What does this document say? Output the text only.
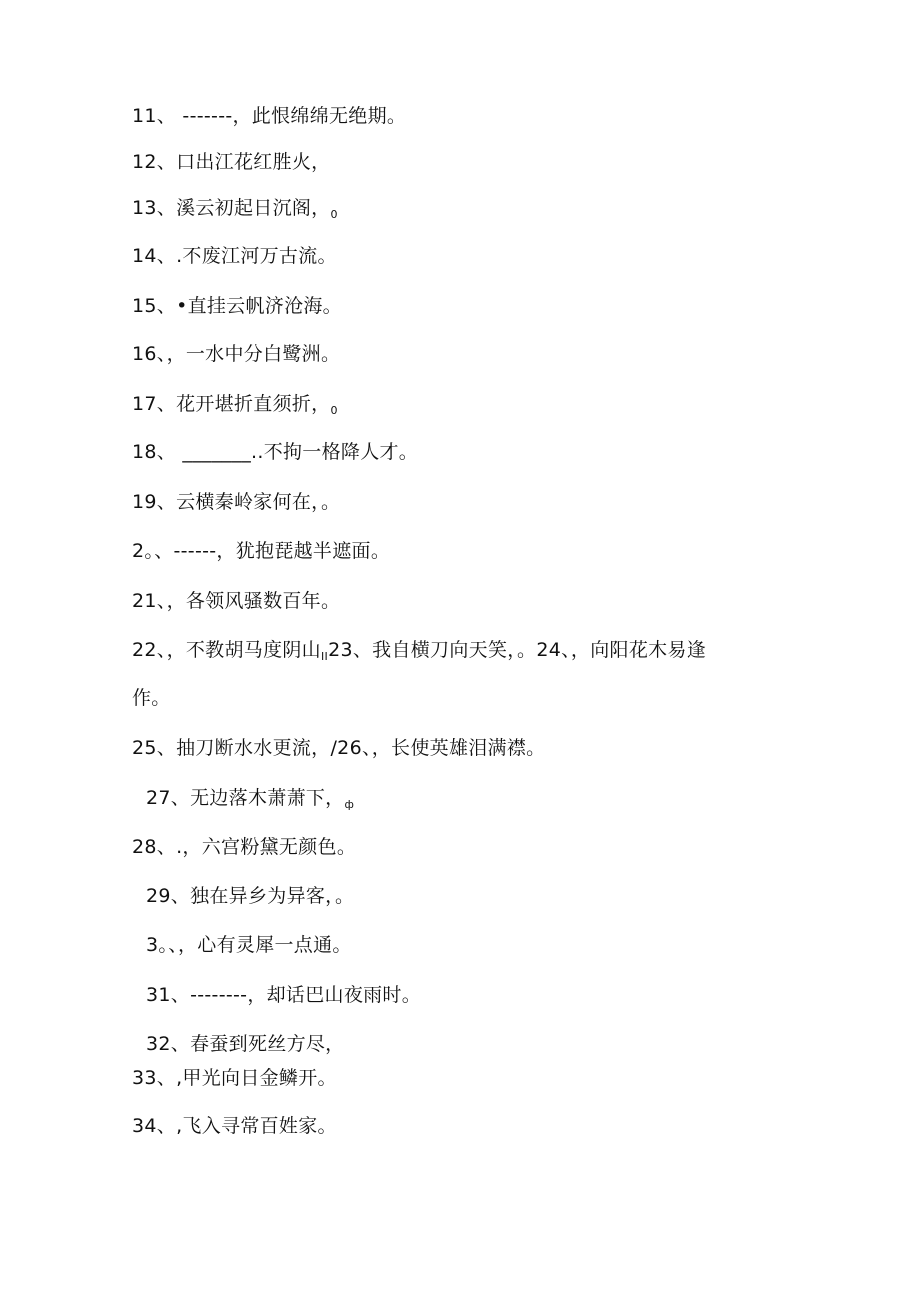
11、 -------，此恨绵绵无绝期。
12、口出江花红胜火，
13、溪云初起日沉阁，$_0$
14、.不废江河万古流。
15、•直挂云帆济沧海。
16、，一水中分白鹭洲。
17、花开堪折直须折，$_0$
18、 _______..不拘一格降人才。
19、云横秦岭家何在，。
2。、------，犹抱琵越半遮面。
21、，各领风骚数百年。
22、，不教胡马度阴山$_{II}$23、我自横刀向天笑，。24、，向阳花木易逢
作。
25、抽刀断水水更流，/26、，长使英雄泪满襟。
27、无边落木萧萧下，$_ф$
28、.，六宫粉黛无颜色。
29、独在异乡为异客，。
3。、，心有灵犀一点通。
31、--------，却话巴山夜雨时。
32、春蚕到死丝方尽，
33、,甲光向日金鳞开。
34、,飞入寻常百姓家。
